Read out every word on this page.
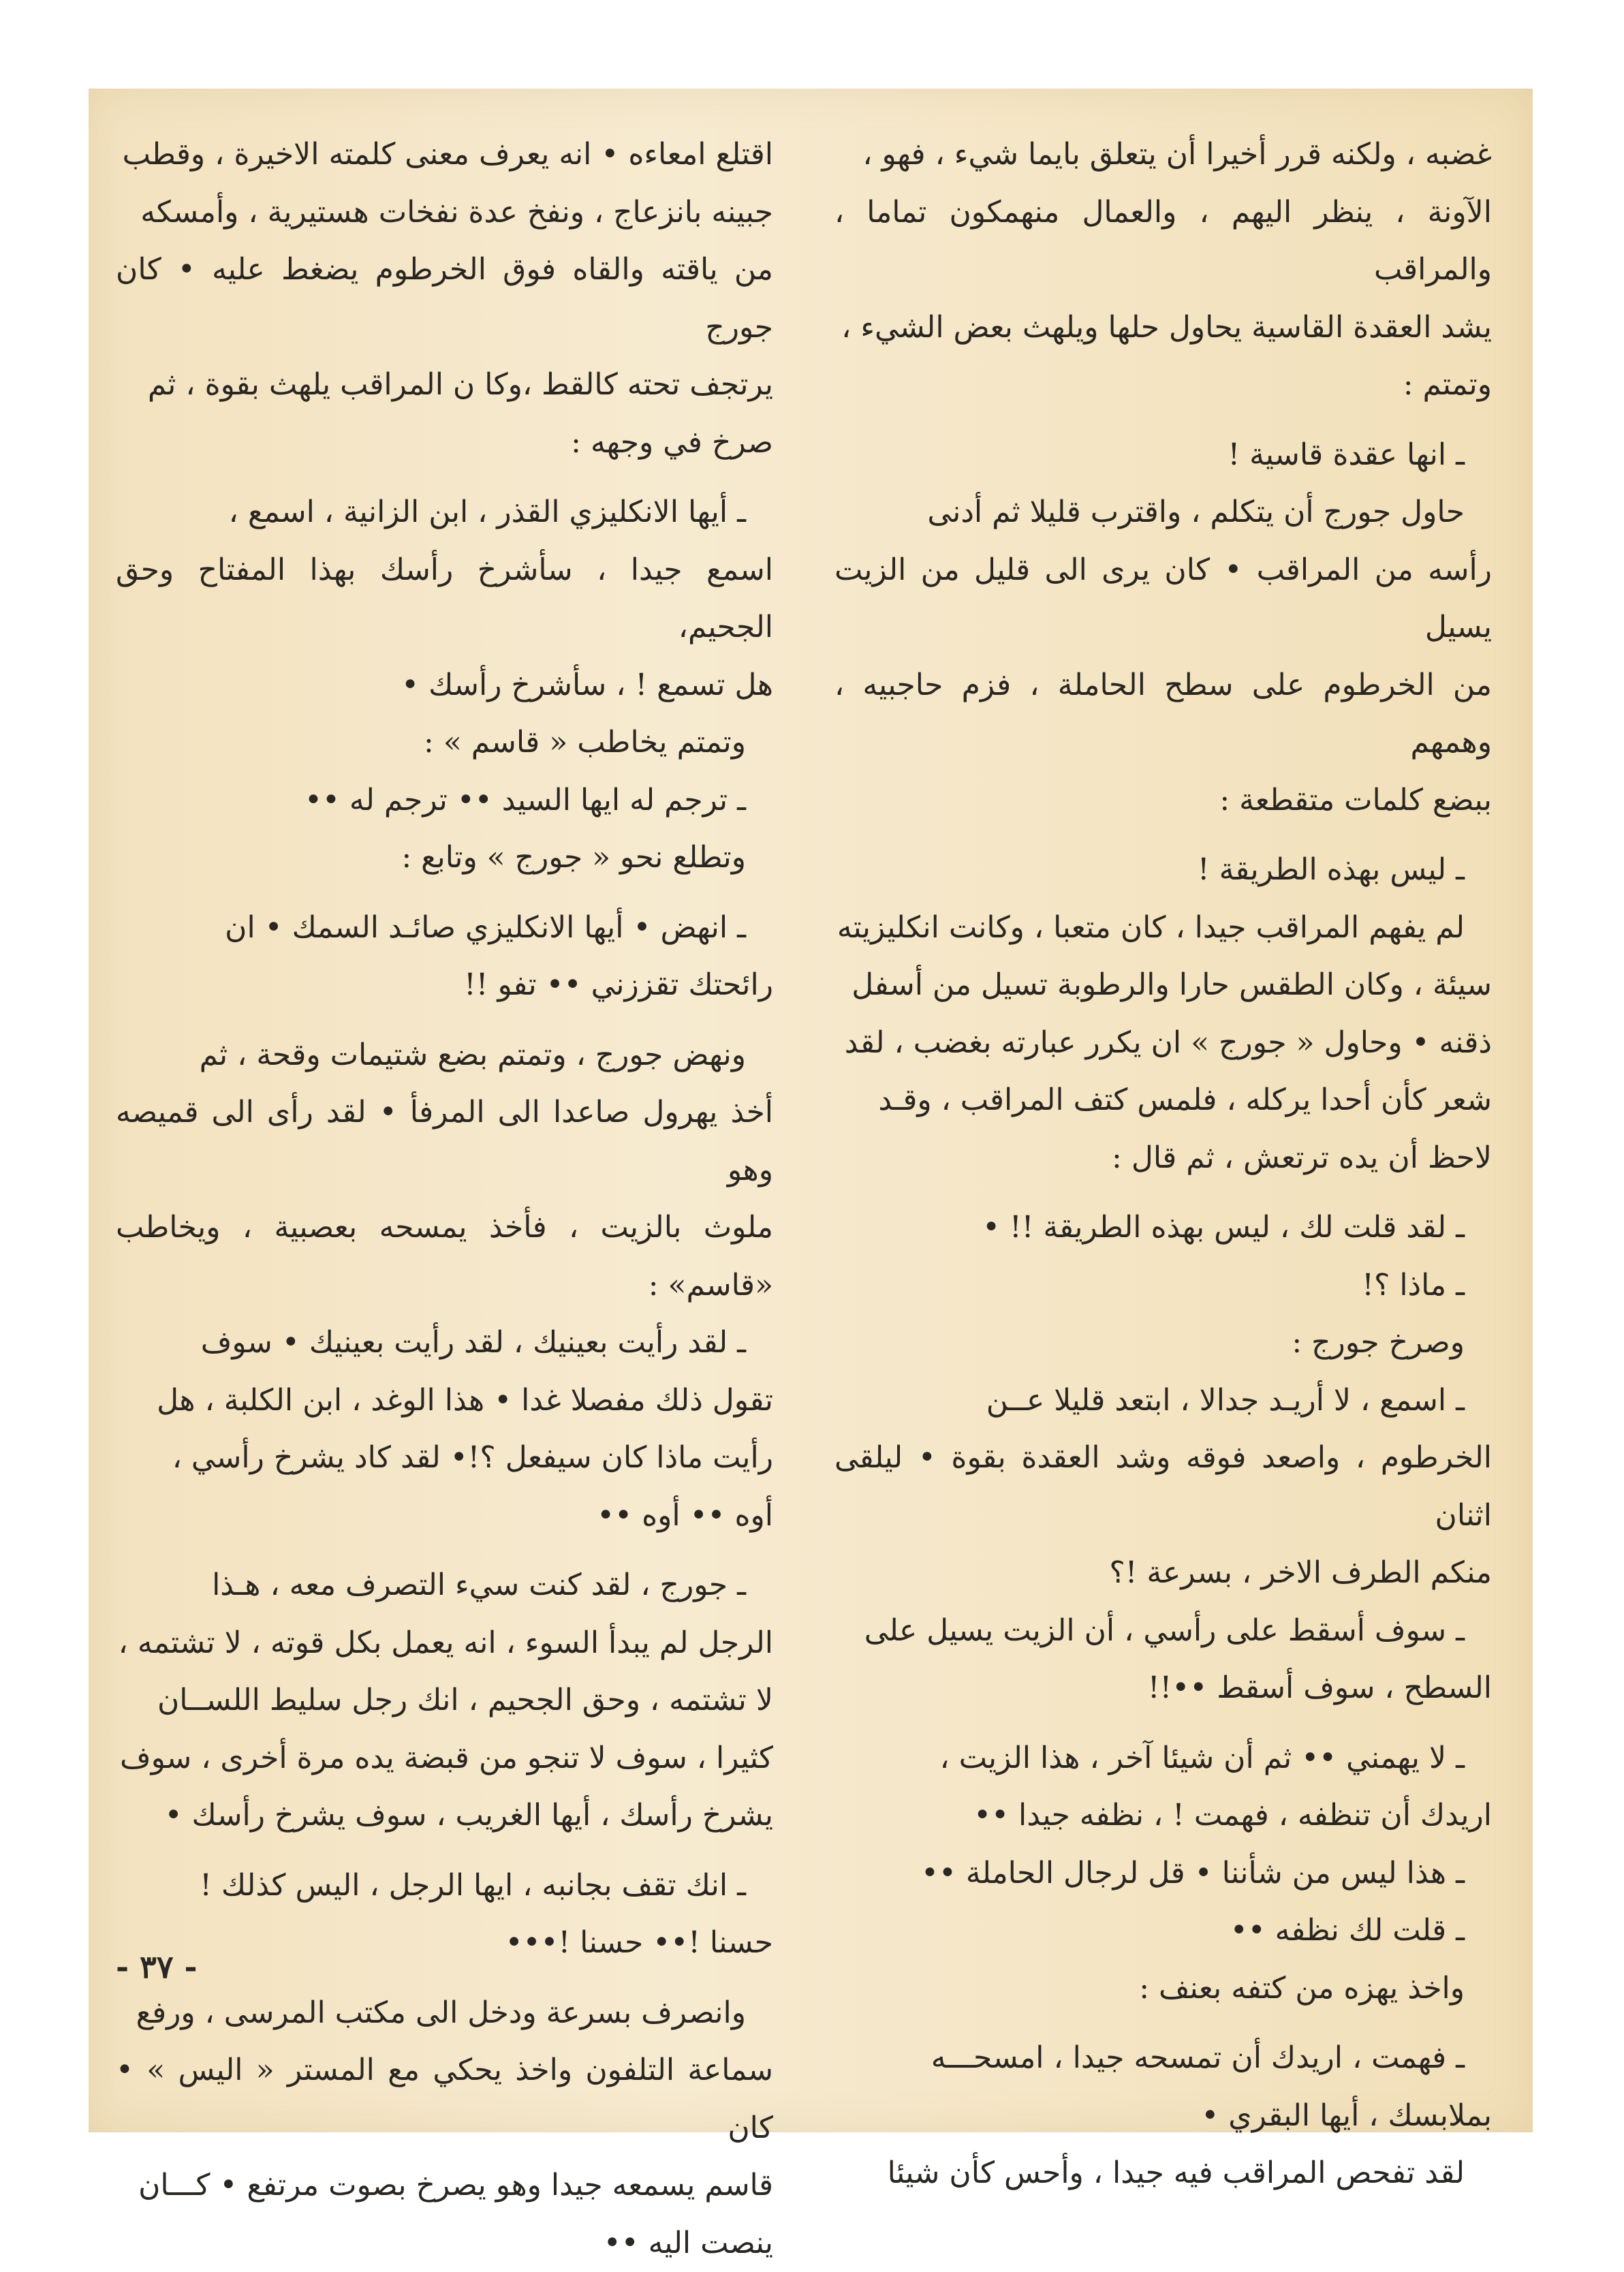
غضبه ، ولكنه قرر أخيرا أن يتعلق بايما شيء ، فهو ،

الآونة ، ينظر اليهم ، والعمال منهمكون تماما ، والمراقب

يشد العقدة القاسية يحاول حلها ويلهث بعض الشيء ،

وتمتم :

ـ انها عقدة قاسية !

حاول جورج أن يتكلم ، واقترب قليلا ثم أدنى

رأسه من المراقب • كان يرى الى قليل من الزيت يسيل

من الخرطوم على سطح الحاملة ، فزم حاجبيه ، وهمهم

ببضع كلمات متقطعة :

ـ ليس بهذه الطريقة !

لم يفهم المراقب جيدا ، كان متعبا ، وكانت انكليزيته

سيئة ، وكان الطقس حارا والرطوبة تسيل من أسفل

ذقنه • وحاول « جورج » ان يكرر عبارته بغضب ، لقد

شعر كأن أحدا يركله ، فلمس كتف المراقب ، وقـد

لاحظ أن يده ترتعش ، ثم قال :

ـ لقد قلت لك ، ليس بهذه الطريقة !! •

ـ ماذا ؟!

وصرخ جورج :

ـ اسمع ، لا أريـد جدالا ، ابتعد قليلا عــن

الخرطوم ، واصعد فوقه وشد العقدة بقوة • ليلقى اثنان

منكم الطرف الاخر ، بسرعة !؟

ـ سوف أسقط على رأسي ، أن الزيت يسيل على

السطح ، سوف أسقط ••!!

ـ لا يهمني •• ثم أن شيئا آخر ، هذا الزيت ،

اريدك أن تنظفه ، فهمت ! ، نظفه جيدا ••

ـ هذا ليس من شأننا • قل لرجال الحاملة ••

ـ قلت لك نظفه ••

واخذ يهزه من كتفه بعنف :

ـ فهمت ، اريدك أن تمسحه جيدا ، امسحـــه

بملابسك ، أيها البقري •

لقد تفحص المراقب فيه جيدا ، وأحس كأن شيئا

اقتلع امعاءه • انه يعرف معنى كلمته الاخيرة ، وقطب

جبينه بانزعاج ، ونفخ عدة نفخات هستيرية ، وأمسكه

من ياقته والقاه فوق الخرطوم يضغط عليه • كان جورج

يرتجف تحته كالقط ،وكا ن المراقب يلهث بقوة ، ثم

صرخ في وجهه :

ـ أيها الانكليزي القذر ، ابن الزانية ، اسمع ،

اسمع جيدا ، سأشرخ رأسك بهذا المفتاح وحق الجحيم،

هل تسمع ! ، سأشرخ رأسك •

وتمتم يخاطب « قاسم » :

ـ ترجم له ايها السيد •• ترجم له ••

وتطلع نحو « جورج » وتابع :

ـ انهض • أيها الانكليزي صائـد السمك • ان

رائحتك تقززني •• تفو !!

ونهض جورج ، وتمتم بضع شتيمات وقحة ، ثم

أخذ يهرول صاعدا الى المرفأ • لقد رأى الى قميصه وهو

ملوث بالزيت ، فأخذ يمسحه بعصبية ، ويخاطب «قاسم» :

ـ لقد رأيت بعينيك ، لقد رأيت بعينيك • سوف

تقول ذلك مفصلا غدا • هذا الوغد ، ابن الكلبة ، هل

رأيت ماذا كان سيفعل ؟!• لقد كاد يشرخ رأسي ،

أوه •• أوه ••

ـ جورج ، لقد كنت سيء التصرف معه ، هـذا

الرجل لم يبدأ السوء ، انه يعمل بكل قوته ، لا تشتمه ،

لا تشتمه ، وحق الجحيم ، انك رجل سليط اللســان

كثيرا ، سوف لا تنجو من قبضة يده مرة أخرى ، سوف

يشرخ رأسك ، أيها الغريب ، سوف يشرخ رأسك •

ـ انك تقف بجانبه ، ايها الرجل ، اليس كذلك !

حسنا !•• حسنا !•••

وانصرف بسرعة ودخل الى مكتب المرسى ، ورفع

سماعة التلفون واخذ يحكي مع المستر « اليس » • كان

قاسم يسمعه جيدا وهو يصرخ بصوت مرتفع • كـــان

ينصت اليه ••

- ٣٧ -
